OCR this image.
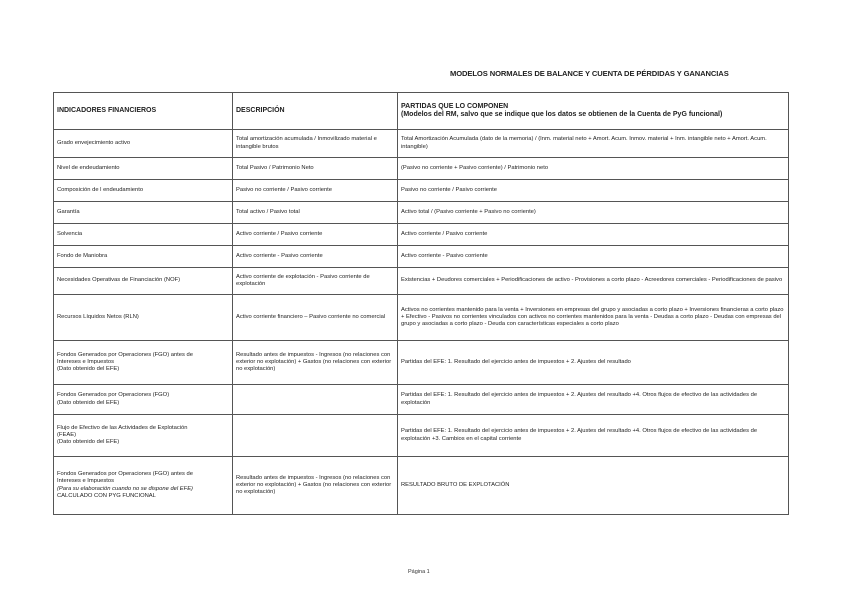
MODELOS NORMALES DE BALANCE Y CUENTA DE PÉRDIDAS Y GANANCIAS
INDICADORES FINANCIEROS	DESCRIPCIÓN	PARTIDAS QUE LO COMPONEN
(Modelos del RM, salvo que se indique que los datos se obtienen de la Cuenta de PyG funcional)

Grado envejecimiento activo	Total amortización acumulada / Inmovilizado material e intangible brutos	Total Amortización Acumulada (dato de la memoria) / (Inm. material neto + Amort. Acum. Inmov. material + Inm. intangible neto + Amort. Acum. intangible)

Nivel de endeudamiento	Total Pasivo / Patrimonio Neto	(Pasivo no corriente + Pasivo corriente) / Patrimonio neto

Composición de l endeudamiento	Pasivo no corriente / Pasivo corriente	Pasivo no corriente / Pasivo corriente

Garantía	Total activo / Pasivo total	Activo total / (Pasivo corriente + Pasivo no corriente)

Solvencia	Activo corriente / Pasivo corriente	Activo corriente / Pasivo corriente

Fondo de Maniobra	Activo corriente - Pasivo corriente	Activo corriente - Pasivo corriente

Necesidades Operativas de Financiación (NOF)	Activo corriente de explotación - Pasivo corriente de explotación	Existencias + Deudores comerciales + Periodificaciones de activo - Provisiones a corto plazo - Acreedores comerciales - Periodificaciones de pasivo

Recursos Líquidos Netos (RLN)	Activo corriente financiero – Pasivo corriente no comercial	Activos no corrientes mantenido para la venta + Inversiones en empresas del grupo y asociadas a corto plazo + Inversiones financieras a corto plazo + Efectivo - Pasivos no corrientes vinculados con activos no corrientes mantenidos para la venta - Deudas a corto plazo - Deudas con empresas del grupo y asociadas a corto plazo - Deuda con características especiales a corto plazo

Fondos Generados por Operaciones (FGO) antes de
Intereses e Impuestos
(Dato obtenido del EFE)	Resultado antes de impuestos - Ingresos (no relaciones con exterior no explotación) + Gastos (no relaciones con exterior no explotación)	Partidas del EFE: 1. Resultado del ejercicio antes de impuestos + 2. Ajustes del resultado

Fondos Generados por Operaciones (FGO)
(Dato obtenido del EFE)		Partidas del EFE: 1. Resultado del ejercicio antes de impuestos + 2. Ajustes del resultado +4. Otros flujos de efectivo de las actividades de explotación

Flujo de Efectivo de las Actividades de Explotación
(FEAE)
(Dato obtenido del EFE)		Partidas del EFE: 1. Resultado del ejercicio antes de impuestos + 2. Ajustes del resultado +4. Otros flujos de efectivo de las actividades de explotación +3. Cambios en el capital corriente

Fondos Generados por Operaciones (FGO) antes de
Intereses e Impuestos
(Para su elaboración cuando no se dispone del EFE)
CALCULADO CON PYG FUNCIONAL	Resultado antes de impuestos - Ingresos (no relaciones con exterior no explotación) + Gastos (no relaciones con exterior no explotación)	RESULTADO BRUTO DE EXPLOTACIÓN
Página 1
